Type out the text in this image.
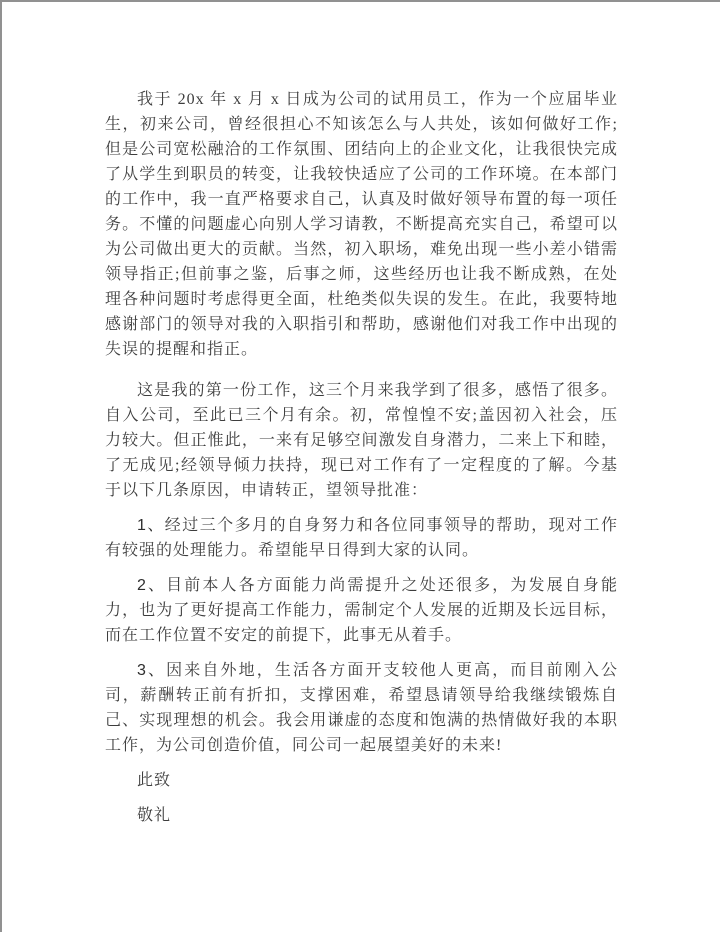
我于 20x 年 x 月 x 日成为公司的试用员工，作为一个应届毕业生，初来公司，曾经很担心不知该怎么与人共处，该如何做好工作;但是公司宽松融洽的工作氛围、团结向上的企业文化，让我很快完成了从学生到职员的转变，让我较快适应了公司的工作环境。在本部门的工作中，我一直严格要求自己，认真及时做好领导布置的每一项任务。不懂的问题虚心向别人学习请教，不断提高充实自己，希望可以为公司做出更大的贡献。当然，初入职场，难免出现一些小差小错需领导指正;但前事之鉴，后事之师，这些经历也让我不断成熟，在处理各种问题时考虑得更全面，杜绝类似失误的发生。在此，我要特地感谢部门的领导对我的入职指引和帮助，感谢他们对我工作中出现的失误的提醒和指正。

这是我的第一份工作，这三个月来我学到了很多，感悟了很多。自入公司，至此已三个月有余。初，常惶惶不安;盖因初入社会，压力较大。但正惟此，一来有足够空间激发自身潜力，二来上下和睦，了无成见;经领导倾力扶持，现已对工作有了一定程度的了解。今基于以下几条原因，申请转正，望领导批准：

1、经过三个多月的自身努力和各位同事领导的帮助，现对工作有较强的处理能力。希望能早日得到大家的认同。

2、目前本人各方面能力尚需提升之处还很多，为发展自身能力，也为了更好提高工作能力，需制定个人发展的近期及长远目标，而在工作位置不安定的前提下，此事无从着手。

3、因来自外地，生活各方面开支较他人更高，而目前刚入公司，薪酬转正前有折扣，支撑困难，希望恳请领导给我继续锻炼自己、实现理想的机会。我会用谦虚的态度和饱满的热情做好我的本职工作，为公司创造价值，同公司一起展望美好的未来!

此致

敬礼
